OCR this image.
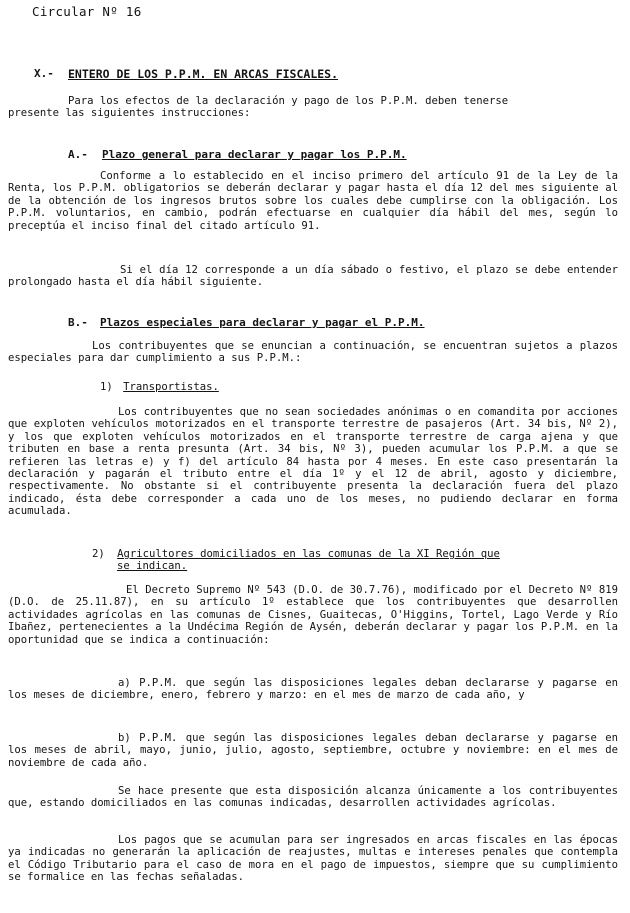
Circular Nº 16
X.- ENTERO DE LOS P.P.M. EN ARCAS FISCALES.
Para los efectos de la declaración y pago de los P.P.M. deben tenerse
presente las siguientes instrucciones:
A.- Plazo general para declarar y pagar los P.P.M.

Conforme a lo establecido en el inciso primero del artículo 91 de la Ley de la Renta, los P.P.M. obligatorios se deberán declarar y pagar hasta el día 12 del mes siguiente al de la obtención de los ingresos brutos sobre los cuales debe cumplirse con la obligación. Los P.P.M. voluntarios, en cambio, podrán efectuarse en cualquier día hábil del mes, según lo preceptúa el inciso final del citado artículo 91.

Si el día 12 corresponde a un día sábado o festivo, el plazo se debe entender prolongado hasta el día hábil siguiente.

B.- Plazos especiales para declarar y pagar el P.P.M.

Los contribuyentes que se enuncian a continuación, se encuentran sujetos a plazos especiales para dar cumplimiento a sus P.P.M.:

1) Transportistas.

Los contribuyentes que no sean sociedades anónimas o en comandita por acciones que exploten vehículos motorizados en el transporte terrestre de pasajeros (Art. 34 bis, Nº 2), y los que exploten vehículos motorizados en el transporte terrestre de carga ajena y que tributen en base a renta presunta (Art. 34 bis, Nº 3), pueden acumular los P.P.M. a que se refieren las letras e) y f) del artículo 84 hasta por 4 meses. En este caso presentarán la declaración y pagarán el tributo entre el día 1º y el 12 de abril, agosto y diciembre, respectivamente. No obstante si el contribuyente presenta la declaración fuera del plazo indicado, ésta debe corresponder a cada uno de los meses, no pudiendo declarar en forma acumulada.

2) Agricultores domiciliados en las comunas de la XI Región que
se indican.

El Decreto Supremo Nº 543 (D.O. de 30.7.76), modificado por el Decreto Nº 819 (D.O. de 25.11.87), en su artículo 1º establece que los contribuyentes que desarrollen actividades agrícolas en las comunas de Cisnes, Guaitecas, O'Higgins, Tortel, Lago Verde y Río Ibañez, pertenecientes a la Undécima Región de Aysén, deberán declarar y pagar los P.P.M. en la oportunidad que se indica a continuación:

a) P.P.M. que según las disposiciones legales deban declararse y pagarse en los meses de diciembre, enero, febrero y marzo: en el mes de marzo de cada año, y

b) P.P.M. que según las disposiciones legales deban declararse y pagarse en los meses de abril, mayo, junio, julio, agosto, septiembre, octubre y noviembre: en el mes de noviembre de cada año.

Se hace presente que esta disposición alcanza únicamente a los contribuyentes que, estando domiciliados en las comunas indicadas, desarrollen actividades agrícolas.

Los pagos que se acumulan para ser ingresados en arcas fiscales en las épocas ya indicadas no generarán la aplicación de reajustes, multas e intereses penales que contempla el Código Tributario para el caso de mora en el pago de impuestos, siempre que su cumplimiento se formalice en las fechas señaladas.
